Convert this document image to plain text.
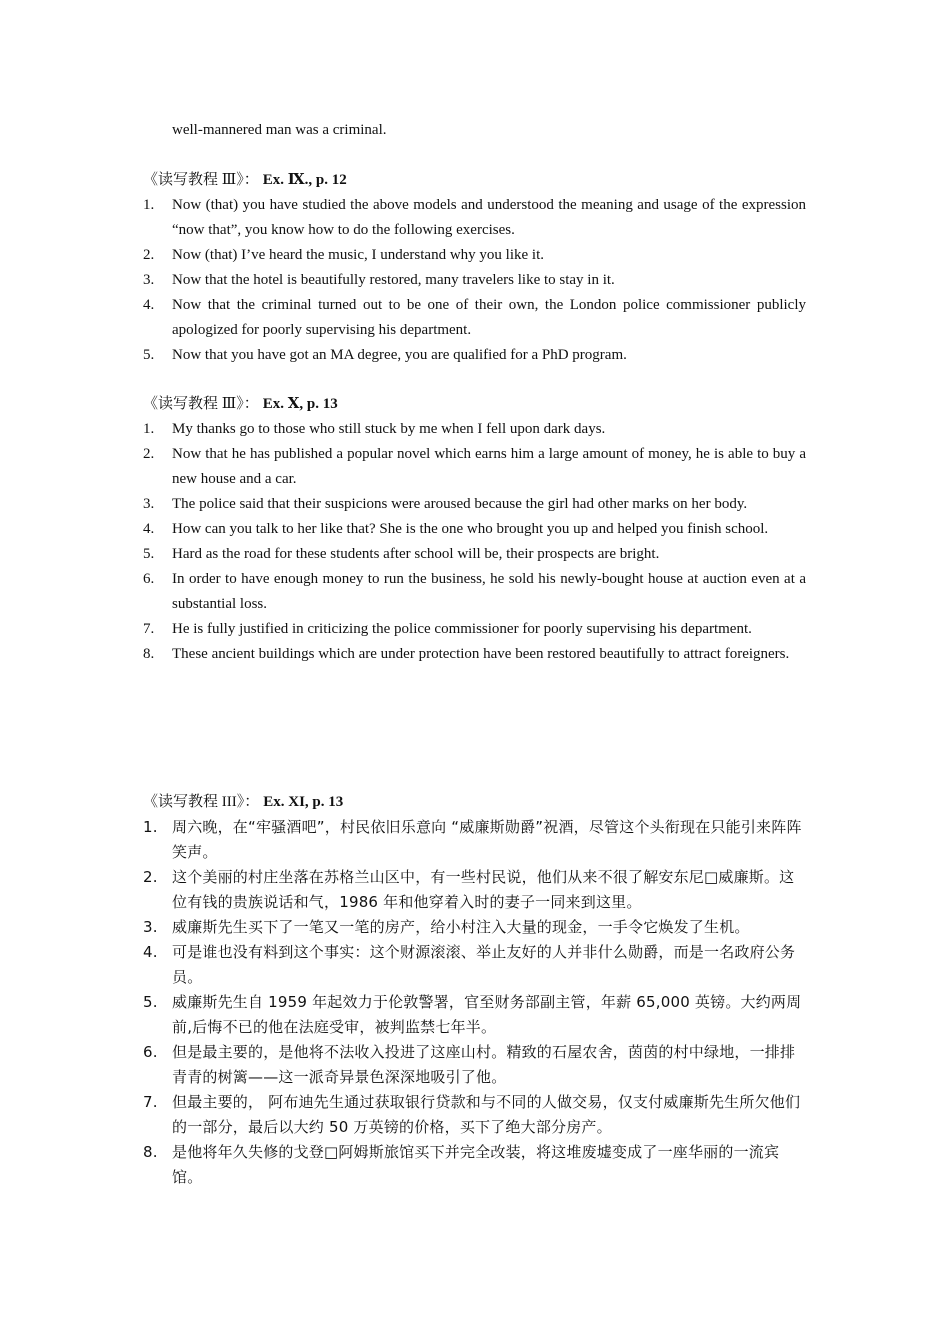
well-mannered man was a criminal.
《读写教程 Ⅲ》： Ex. Ⅸ., p. 12
1.	Now (that) you have studied the above models and understood the meaning and usage of the expression “now that”, you know how to do the following exercises.
2.	Now (that) I’ve heard the music, I understand why you like it.
3.	Now that the hotel is beautifully restored, many travelers like to stay in it.
4.	Now that the criminal turned out to be one of their own, the London police commissioner publicly apologized for poorly supervising his department.
5.	Now that you have got an MA degree, you are qualified for a PhD program.
《读写教程 Ⅲ》： Ex. Ⅹ, p. 13
1.	My thanks go to those who still stuck by me when I fell upon dark days.
2.	Now that he has published a popular novel which earns him a large amount of money, he is able to buy a new house and a car.
3.	The police said that their suspicions were aroused because the girl had other marks on her body.
4.	How can you talk to her like that? She is the one who brought you up and helped you finish school.
5.	Hard as the road for these students after school will be, their prospects are bright.
6.	In order to have enough money to run the business, he sold his newly-bought house at auction even at a substantial loss.
7.	He is fully justified in criticizing the police commissioner for poorly supervising his department.
8.	These ancient buildings which are under protection have been restored beautifully to attract foreigners.
《读写教程 III》： Ex. XI, p. 13
1. 周六晚，在“牢骚酒吧”，村民依旧乐意向 “威廉斯勋爵”祝酒，尽管这个头衔现在只能引来阵阵笑声。
2. 这个美丽的村庄坐落在苏格兰山区中，有一些村民说，他们从来不很了解安东尼□威廉斯。这位有钱的贵族说话和气，1986 年和他穿着入时的妻子一同来到这里。
3. 威廉斯先生买下了一笔又一笔的房产，给小村注入大量的现金，一手令它焕发了生机。
4. 可是谁也没有料到这个事实：这个财源滚滚、举止友好的人并非什么勋爵，而是一名政府公务员。
5. 威廉斯先生自 1959 年起效力于伦敦警署，官至财务部副主管，年薪 65,000 英镑。大约两周前,后悔不已的他在法庭受审，被判监禁七年半。
6. 但是最主要的，是他将不法收入投进了这座山村。精致的石屋农舍，茵茵的村中绿地，一排排青青的树篱——这一派奇异景色深深地吸引了他。
7. 但最主要的， 阿布迪先生通过获取银行贷款和与不同的人做交易，仅支付威廉斯先生所欠他们的一部分，最后以大约 50 万英镑的价格，买下了绝大部分房产。
8. 是他将年久失修的戈登□阿姆斯旅馆买下并完全改装，将这堆废墟变成了一座华丽的一流宾馆。
